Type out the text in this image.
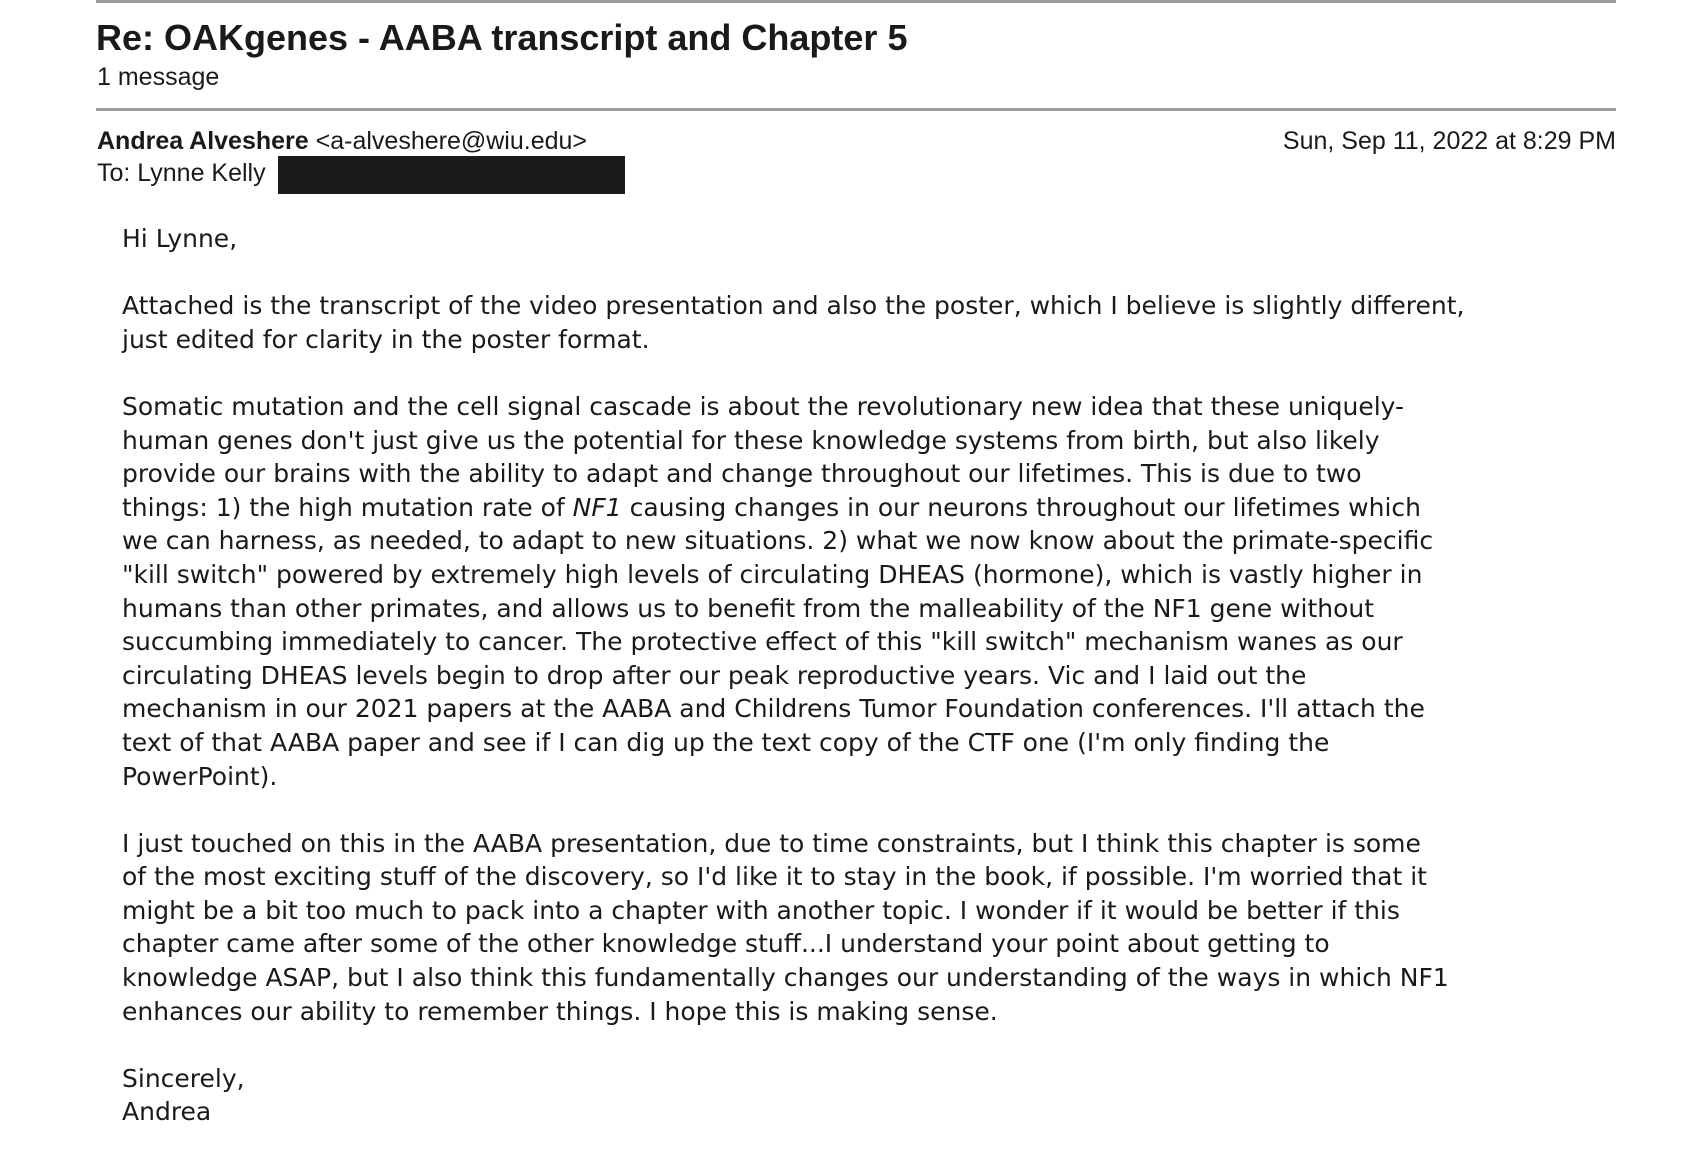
Re: OAKgenes - AABA transcript and Chapter 5
1 message
Andrea Alveshere <a-alveshere@wiu.edu>	Sun, Sep 11, 2022 at 8:29 PM
To: Lynne Kelly

Hi Lynne,

Attached is the transcript of the video presentation and also the poster, which I believe is slightly different,
just edited for clarity in the poster format.

Somatic mutation and the cell signal cascade is about the revolutionary new idea that these uniquely-
human genes don't just give us the potential for these knowledge systems from birth, but also likely
provide our brains with the ability to adapt and change throughout our lifetimes. This is due to two
things: 1) the high mutation rate of NF1 causing changes in our neurons throughout our lifetimes which
we can harness, as needed, to adapt to new situations. 2) what we now know about the primate-specific
"kill switch" powered by extremely high levels of circulating DHEAS (hormone), which is vastly higher in
humans than other primates, and allows us to benefit from the malleability of the NF1 gene without
succumbing immediately to cancer. The protective effect of this "kill switch" mechanism wanes as our
circulating DHEAS levels begin to drop after our peak reproductive years. Vic and I laid out the
mechanism in our 2021 papers at the AABA and Childrens Tumor Foundation conferences. I'll attach the
text of that AABA paper and see if I can dig up the text copy of the CTF one (I'm only finding the
PowerPoint).

I just touched on this in the AABA presentation, due to time constraints, but I think this chapter is some
of the most exciting stuff of the discovery, so I'd like it to stay in the book, if possible. I'm worried that it
might be a bit too much to pack into a chapter with another topic. I wonder if it would be better if this
chapter came after some of the other knowledge stuff...I understand your point about getting to
knowledge ASAP, but I also think this fundamentally changes our understanding of the ways in which NF1
enhances our ability to remember things. I hope this is making sense.

Sincerely,
Andrea
